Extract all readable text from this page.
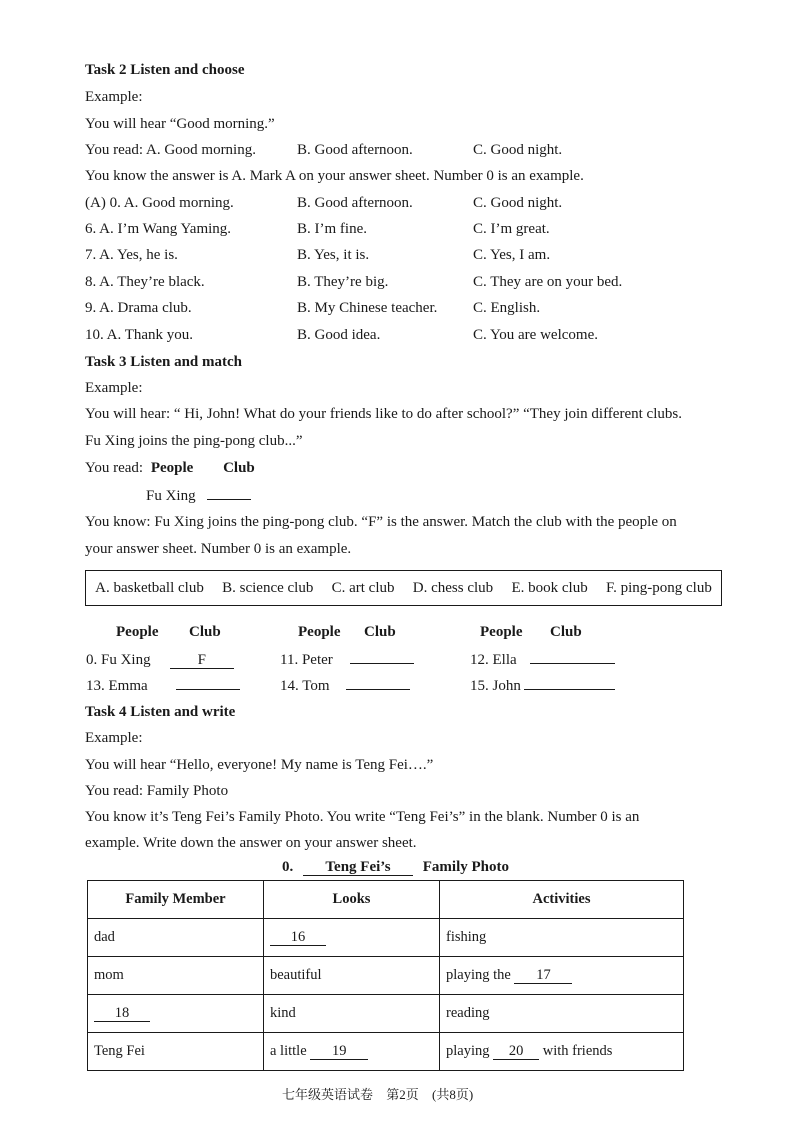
Task 2 Listen and choose
Example:
You will hear “Good morning.”
You read: A. Good morning.	B. Good afternoon.	C. Good night.
You know the answer is A. Mark A on your answer sheet. Number 0 is an example.
(A) 0. A. Good morning.	B. Good afternoon.	C. Good night.
6. A. I’m Wang Yaming.	B. I’m fine.	C. I’m great.
7. A. Yes, he is.	B. Yes, it is.	C. Yes, I am.
8. A. They’re black.	B. They’re big.	C. They are on your bed.
9. A. Drama club.	B. My Chinese teacher. C. English.
10. A. Thank you.	B. Good idea.	C. You are welcome.
Task 3 Listen and match
Example:
You will hear: “ Hi, John! What do your friends like to do after school?” “They join different clubs.
Fu Xing joins the ping-pong club...”
You read: People Club
Fu Xing
You know: Fu Xing joins the ping-pong club. “F” is the answer. Match the club with the people on
your answer sheet. Number 0 is an example.
A. basketball club B. science club C. art club D. chess club E. book club F. ping-pong club
People Club	People Club	People Club
0. Fu Xing	F	11. Peter	12. Ella
13. Emma	14. Tom	15. John
Task 4 Listen and write
Example:
You will hear “Hello, everyone! My name is Teng Fei….”
You read: Family Photo
You know it’s Teng Fei’s Family Photo. You write “Teng Fei’s” in the blank. Number 0 is an
example. Write down the answer on your answer sheet.
0. Teng Fei’s Family Photo
Family Member	Looks	Activities
dad	16	fishing
mom	beautiful	playing the 17
18	kind	reading
Teng Fei	a little 19	playing 20 with friends
七年级英语试卷 第2页 (共8页)
